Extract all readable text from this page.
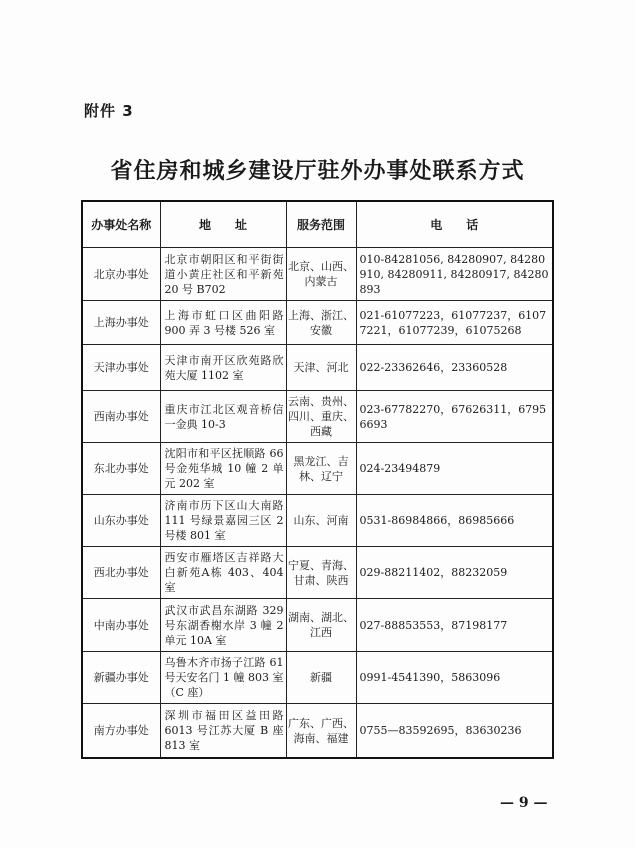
附件 3
省住房和城乡建设厅驻外办事处联系方式
办事处名称	地　　址	服务范围	电　　话
北京办事处	北京市朝阳区和平街街道小黄庄社区和平新苑 20 号 B702	北京、山西、内蒙古	010-84281056, 84280907, 84280910, 84280911, 84280917, 84280893
上海办事处	上海市虹口区曲阳路 900 弄 3 号楼 526 室	上海、浙江、安徽	021-61077223，61077237，61077221，61077239，61075268
天津办事处	天津市南开区欣苑路欣苑大厦 1102 室	天津、河北	022-23362646，23360528
西南办事处	重庆市江北区观音桥信一金典 10-3	云南、贵州、四川、重庆、西藏	023-67782270，67626311，67956693
东北办事处	沈阳市和平区抚顺路 66 号金苑华城 10 幢 2 单元 202 室	黑龙江、吉林、辽宁	024-23494879
山东办事处	济南市历下区山大南路 111 号绿景嘉园三区 2 号楼 801 室	山东、河南	0531-86984866，86985666
西北办事处	西安市雁塔区吉祥路大白新苑A栋 403、404 室	宁夏、青海、甘肃、陕西	029-88211402，88232059
中南办事处	武汉市武昌东湖路 329 号东湖香榭水岸 3 幢 2 单元 10A 室	湖南、湖北、江西	027-88853553，87198177
新疆办事处	乌鲁木齐市扬子江路 61 号天安名门 1 幢 803 室（C 座）	新疆	0991-4541390，5863096
南方办事处	深圳市福田区益田路 6013 号江苏大厦 B 座 813 室	广东、广西、海南、福建	0755—83592695，83630236
— 9 —
